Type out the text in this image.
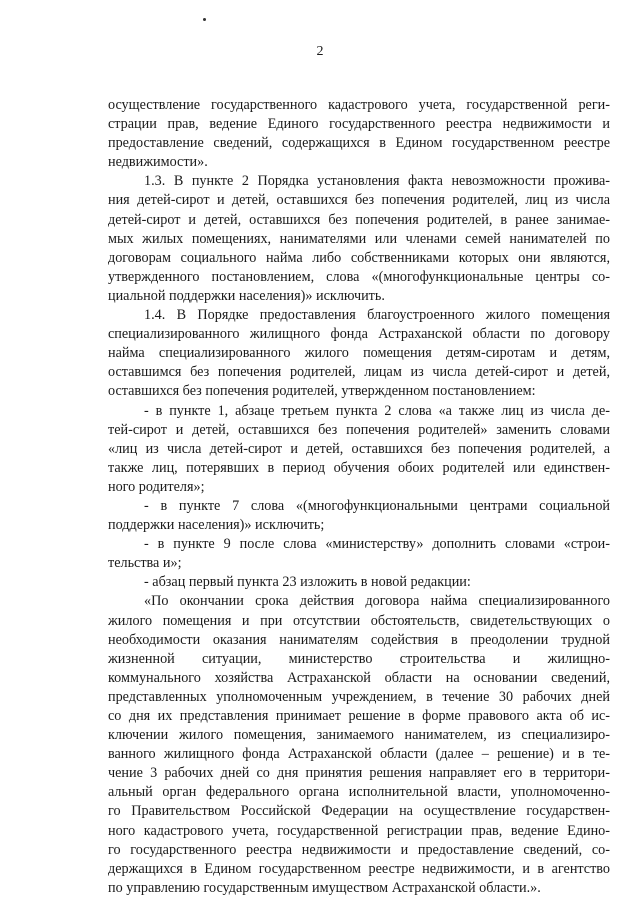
2
осуществление государственного кадастрового учета, государственной реги-
страции прав, ведение Единого государственного реестра недвижимости и
предоставление сведений, содержащихся в Едином государственном реестре
недвижимости».
1.3. В пункте 2 Порядка установления факта невозможности прожива-
ния детей-сирот и детей, оставшихся без попечения родителей, лиц из числа
детей-сирот и детей, оставшихся без попечения родителей, в ранее занимае-
мых жилых помещениях, нанимателями или членами семей нанимателей по
договорам социального найма либо собственниками которых они являются,
утвержденного постановлением, слова «(многофункциональные центры со-
циальной поддержки населения)» исключить.
1.4. В Порядке предоставления благоустроенного жилого помещения
специализированного жилищного фонда Астраханской области по договору
найма специализированного жилого помещения детям-сиротам и детям,
оставшимся без попечения родителей, лицам из числа детей-сирот и детей,
оставшихся без попечения родителей, утвержденном постановлением:
- в пункте 1, абзаце третьем пункта 2 слова «а также лиц из числа де-
тей-сирот и детей, оставшихся без попечения родителей» заменить словами
«лиц из числа детей-сирот и детей, оставшихся без попечения родителей, а
также лиц, потерявших в период обучения обоих родителей или единствен-
ного родителя»;
- в пункте 7 слова «(многофункциональными центрами социальной
поддержки населения)» исключить;
- в пункте 9 после слова «министерству» дополнить словами «строи-
тельства и»;
- абзац первый пункта 23 изложить в новой редакции:
«По окончании срока действия договора найма специализированного
жилого помещения и при отсутствии обстоятельств, свидетельствующих о
необходимости оказания нанимателям содействия в преодолении трудной
жизненной ситуации, министерство строительства и жилищно-
коммунального хозяйства Астраханской области на основании сведений,
представленных уполномоченным учреждением, в течение 30 рабочих дней
со дня их представления принимает решение в форме правового акта об ис-
ключении жилого помещения, занимаемого нанимателем, из специализиро-
ванного жилищного фонда Астраханской области (далее – решение) и в те-
чение 3 рабочих дней со дня принятия решения направляет его в территори-
альный орган федерального органа исполнительной власти, уполномоченно-
го Правительством Российской Федерации на осуществление государствен-
ного кадастрового учета, государственной регистрации прав, ведение Едино-
го государственного реестра недвижимости и предоставление сведений, со-
держащихся в Едином государственном реестре недвижимости, и в агентство
по управлению государственным имуществом Астраханской области.».
